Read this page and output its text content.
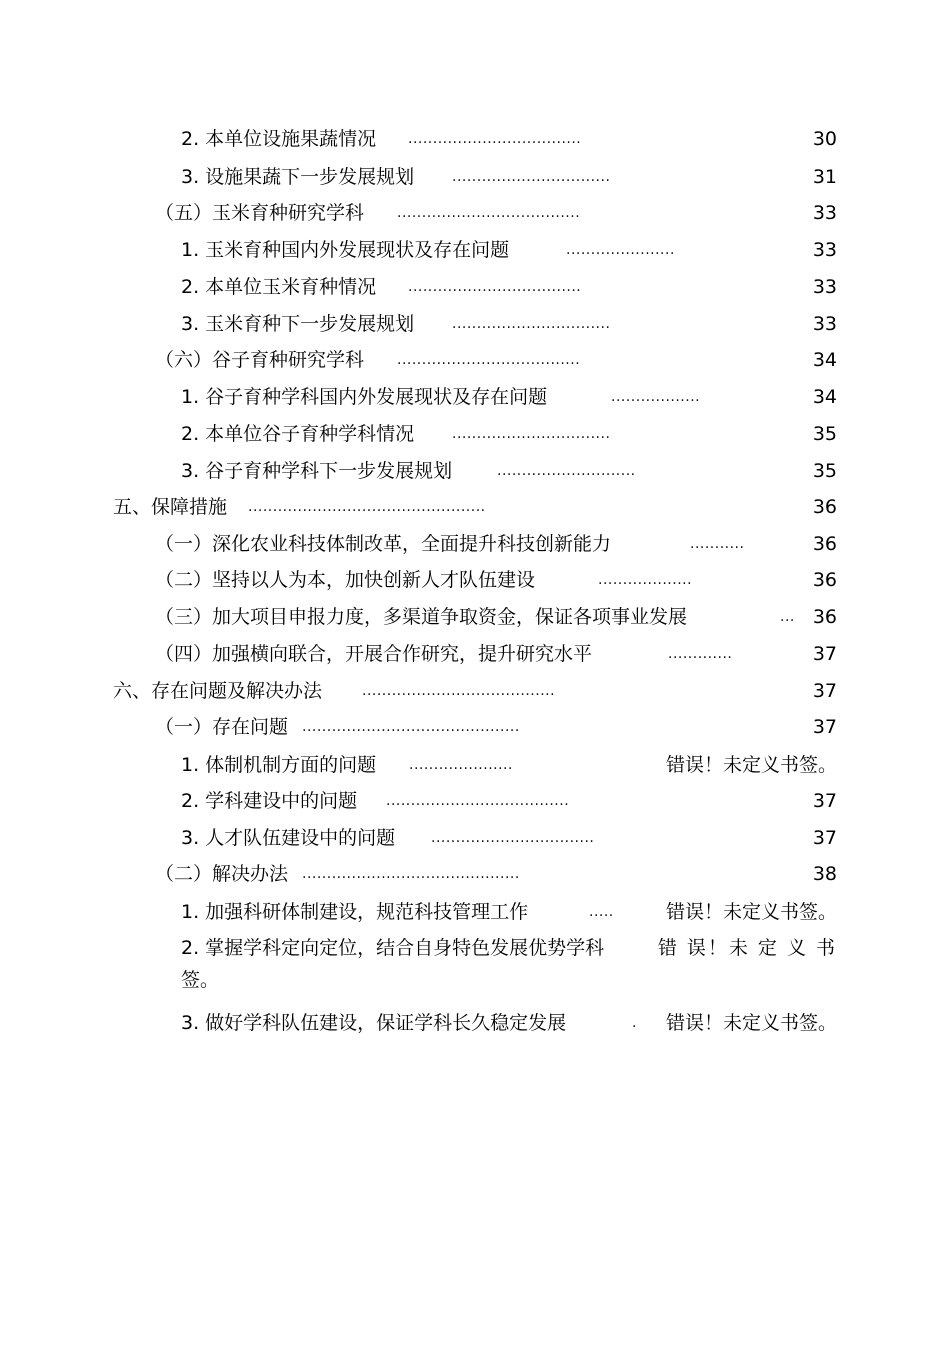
2. 本单位设施果蔬情况 ...................................	30
3. 设施果蔬下一步发展规划	................................	31
（五）玉米育种研究学科 .....................................	33
1. 玉米育种国内外发展现状及存在问题	......................	33
2. 本单位玉米育种情况 ...................................	33
3. 玉米育种下一步发展规划	................................	33
（六）谷子育种研究学科 .....................................	34
1. 谷子育种学科国内外发展现状及存在问题	..................	34
2. 本单位谷子育种学科情况	................................	35
3. 谷子育种学科下一步发展规划	............................	35
五、保障措施 ................................................	36
（一）深化农业科技体制改革，全面提升科技创新能力	...........	36
（二）坚持以人为本，加快创新人才队伍建设	...................	36
（三）加大项目申报力度，多渠道争取资金，保证各项事业发展	... 36
（四）加强横向联合，开展合作研究，提升研究水平	.............	37
六、存在问题及解决办法	.......................................	37
（一）存在问题 ............................................	37
1. 体制机制方面的问题 .....................	错误！未定义书签。
2. 学科建设中的问题 .....................................	37
3. 人才队伍建设中的问题	.................................	37
（二）解决办法 ............................................	38
1. 加强科研体制建设，规范科技管理工作	.....	错误！未定义书签。
2. 掌握学科定向定位，结合自身特色发展优势学科	错 误！未 定 义 书
签。
3. 做好学科队伍建设，保证学科长久稳定发展	. 错误！未定义书签。
